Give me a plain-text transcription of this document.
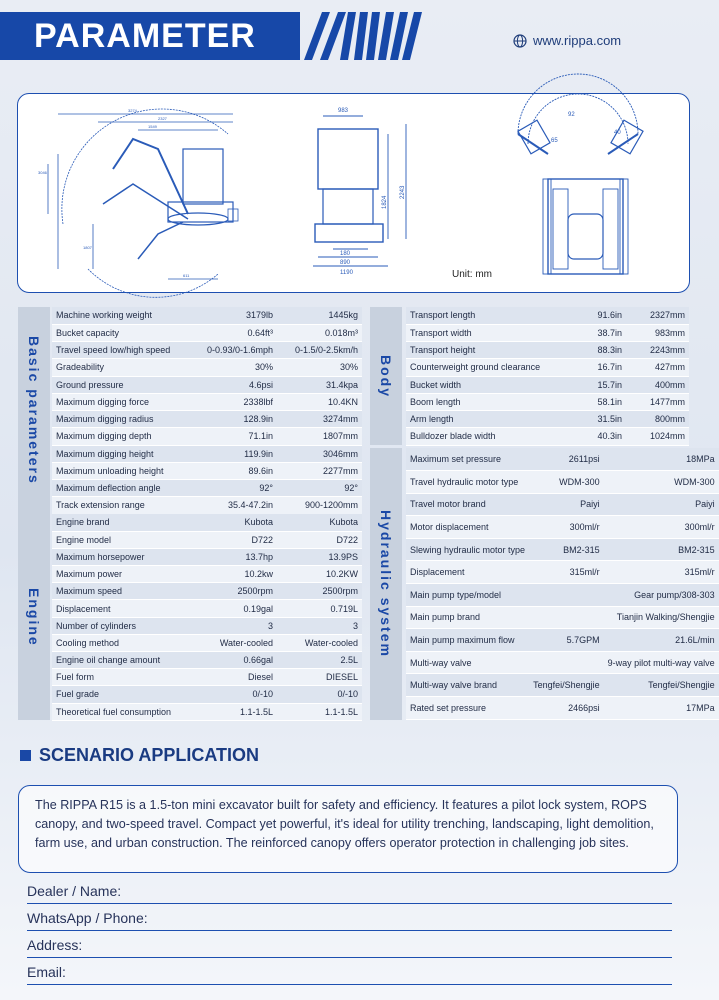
PARAMETER	www.rippa.com
3274
2327
1549
3046
1807
611
983
180
890
1190
1824
2243
92
40
65
Unit: mm
Basic parameters
Machine working weight	3179lb	1445kg
Bucket capacity	0.64ft³	0.018m³
Travel speed low/high speed	0-0.93/0-1.6mph	0-1.5/0-2.5km/h
Gradeability	30%	30%
Ground pressure	4.6psi	31.4kpa
Maximum digging force	2338lbf	10.4KN
Maximum digging radius	128.9in	3274mm
Maximum digging depth	71.1in	1807mm
Maximum digging height	119.9in	3046mm
Maximum unloading height	89.6in	2277mm
Maximum deflection angle	92°	92°
Track extension range	35.4-47.2in	900-1200mm
Engine
Engine brand	Kubota	Kubota
Engine model	D722	D722
Maximum horsepower	13.7hp	13.9PS
Maximum power	10.2kw	10.2KW
Maximum speed	2500rpm	2500rpm
Displacement	0.19gal	0.719L
Number of cylinders	3	3
Cooling method	Water-cooled	Water-cooled
Engine oil change amount	0.66gal	2.5L
Fuel form	Diesel	DIESEL
Fuel grade	0/-10	0/-10
Theoretical fuel consumption	1.1-1.5L	1.1-1.5L
Body
Transport length	91.6in	2327mm
Transport width	38.7in	983mm
Transport height	88.3in	2243mm
Counterweight ground clearance	16.7in	427mm
Bucket width	15.7in	400mm
Boom length	58.1in	1477mm
Arm length	31.5in	800mm
Bulldozer blade width	40.3in	1024mm
Hydraulic system
Maximum set pressure	2611psi	18MPa
Travel hydraulic motor type	WDM-300	WDM-300
Travel motor brand	Paiyi	Paiyi
Motor displacement	300ml/r	300ml/r
Slewing hydraulic motor type	BM2-315	BM2-315
Displacement	315ml/r	315ml/r
Main pump type/model		Gear pump/308-303
Main pump brand		Tianjin Walking/Shengjie
Main pump maximum flow	5.7GPM	21.6L/min
Multi-way valve		9-way pilot multi-way valve
Multi-way valve brand	Tengfei/Shengjie	Tengfei/Shengjie
Rated set pressure	2466psi	17MPa
SCENARIO APPLICATION
The RIPPA R15 is a 1.5-ton mini excavator built for safety and efficiency. It features a pilot lock system, ROPS canopy, and two-speed travel. Compact yet powerful, it's ideal for utility trenching, landscaping, light demolition, farm use, and urban construction. The reinforced canopy offers operator protection in challenging job sites.
Dealer / Name:
WhatsApp / Phone:
Address:
Email:
